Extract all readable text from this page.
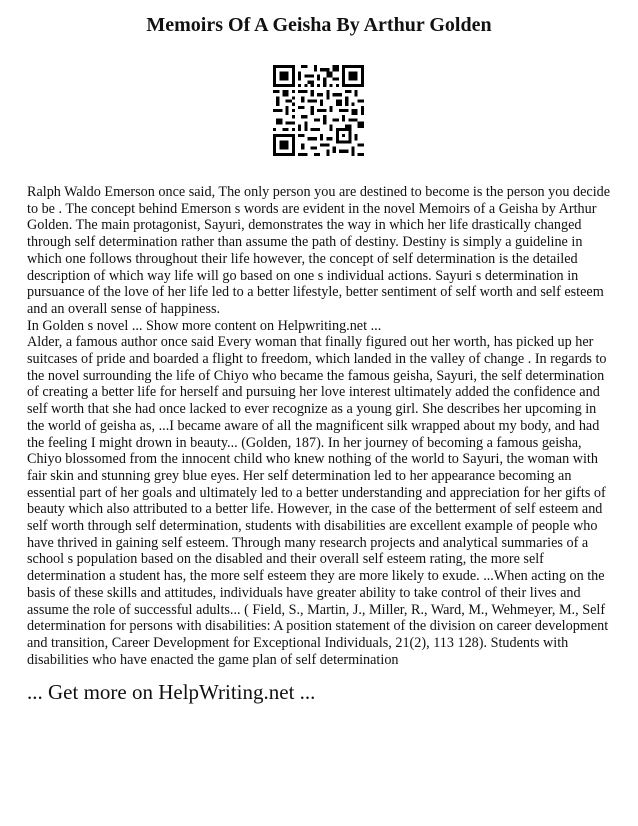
Memoirs Of A Geisha By Arthur Golden

Ralph Waldo Emerson once said, The only person you are destined to become is the person you decide to be . The concept behind Emerson s words are evident in the novel Memoirs of a Geisha by Arthur Golden. The main protagonist, Sayuri, demonstrates the way in which her life drastically changed through self determination rather than assume the path of destiny. Destiny is simply a guideline in which one follows throughout their life however, the concept of self determination is the detailed description of which way life will go based on one s individual actions. Sayuri s determination in pursuance of the love of her life led to a better lifestyle, better sentiment of self worth and self esteem and an overall sense of happiness.

In Golden s novel ... Show more content on Helpwriting.net ...

Alder, a famous author once said Every woman that finally figured out her worth, has picked up her suitcases of pride and boarded a flight to freedom, which landed in the valley of change . In regards to the novel surrounding the life of Chiyo who became the famous geisha, Sayuri, the self determination of creating a better life for herself and pursuing her love interest ultimately added the confidence and self worth that she had once lacked to ever recognize as a young girl. She describes her upcoming in the world of geisha as, ...I became aware of all the magnificent silk wrapped about my body, and had the feeling I might drown in beauty... (Golden, 187). In her journey of becoming a famous geisha, Chiyo blossomed from the innocent child who knew nothing of the world to Sayuri, the woman with fair skin and stunning grey blue eyes. Her self determination led to her appearance becoming an essential part of her goals and ultimately led to a better understanding and appreciation for her gifts of beauty which also attributed to a better life. However, in the case of the betterment of self esteem and self worth through self determination, students with disabilities are excellent example of people who have thrived in gaining self esteem. Through many research projects and analytical summaries of a school s population based on the disabled and their overall self esteem rating, the more self determination a student has, the more self esteem they are more likely to exude. ...When acting on the basis of these skills and attitudes, individuals have greater ability to take control of their lives and assume the role of successful adults... ( Field, S., Martin, J., Miller, R., Ward, M., Wehmeyer, M., Self determination for persons with disabilities: A position statement of the division on career development and transition, Career Development for Exceptional Individuals, 21(2), 113 128). Students with disabilities who have enacted the game plan of self determination

... Get more on HelpWriting.net ...
